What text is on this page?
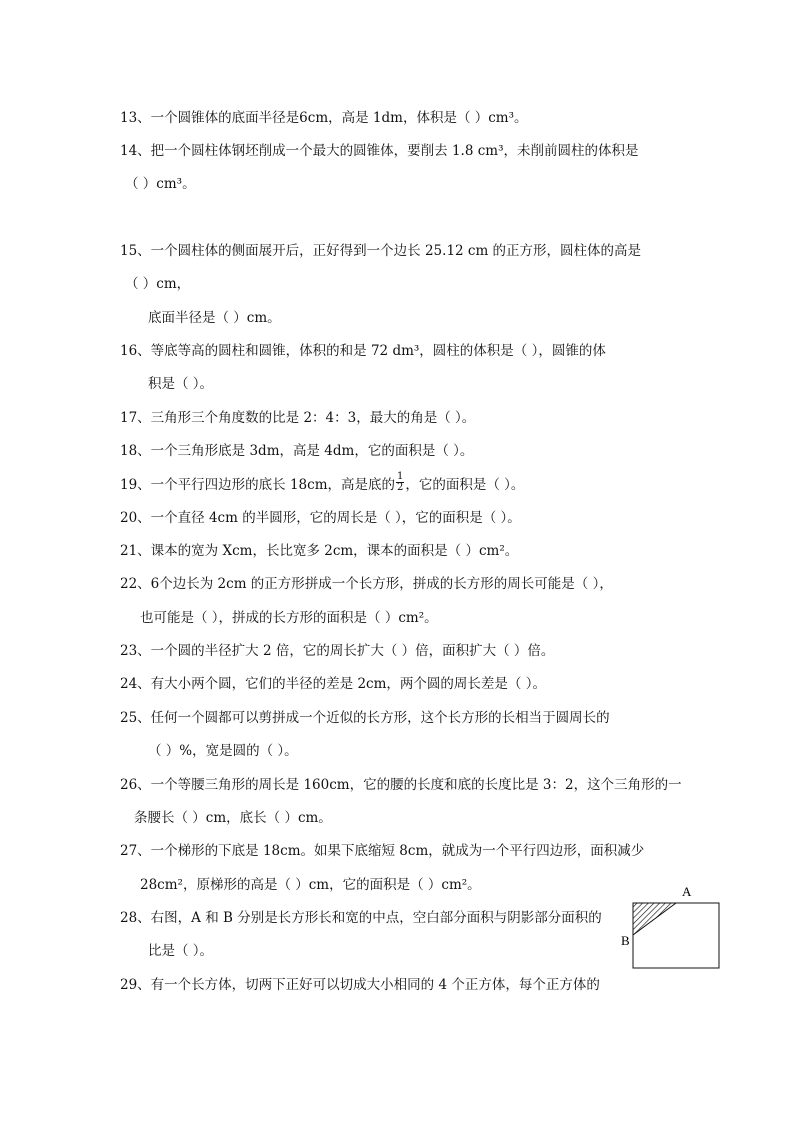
13、一个圆锥体的底面半径是6cm，高是 1dm，体积是（ ）cm³。
14、把一个圆柱体钢坯削成一个最大的圆锥体，要削去 1.8 cm³，未削前圆柱的体积是
（ ）cm³。
15、一个圆柱体的侧面展开后，正好得到一个边长 25.12 cm 的正方形，圆柱体的高是
（ ）cm，
底面半径是（ ）cm。
16、等底等高的圆柱和圆锥，体积的和是 72 dm³，圆柱的体积是（ ），圆锥的体
积是（ ）。
17、三角形三个角度数的比是 2：4：3，最大的角是（ ）。
18、一个三角形底是 3dm，高是 4dm，它的面积是（ ）。
19、一个平行四边形的底长 18cm，高是底的 $\frac{1}{2}$ ，它的面积是（ ）。
20、一个直径 4cm 的半圆形，它的周长是（ ），它的面积是（ ）。
21、课本的宽为 Xcm，长比宽多 2cm，课本的面积是（ ）cm²。
22、6个边长为 2cm 的正方形拼成一个长方形，拼成的长方形的周长可能是（ ），
也可能是（ ），拼成的长方形的面积是（ ）cm²。
23、一个圆的半径扩大 2 倍，它的周长扩大（ ）倍，面积扩大（ ）倍。
24、有大小两个圆，它们的半径的差是 2cm，两个圆的周长差是（ ）。
25、任何一个圆都可以剪拼成一个近似的长方形，这个长方形的长相当于圆周长的
（ ）%，宽是圆的（ ）。
26、一个等腰三角形的周长是 160cm，它的腰的长度和底的长度比是 3：2，这个三角形的一
条腰长（ ）cm，底长（ ）cm。
27、一个梯形的下底是 18cm。如果下底缩短 8cm，就成为一个平行四边形，面积减少
28cm²，原梯形的高是（ ）cm，它的面积是（ ）cm²。
28、右图，A 和 B 分别是长方形长和宽的中点，空白部分面积与阴影部分面积的
比是（ ）。
29、有一个长方体，切两下正好可以切成大小相同的 4 个正方体，每个正方体的
A
B
